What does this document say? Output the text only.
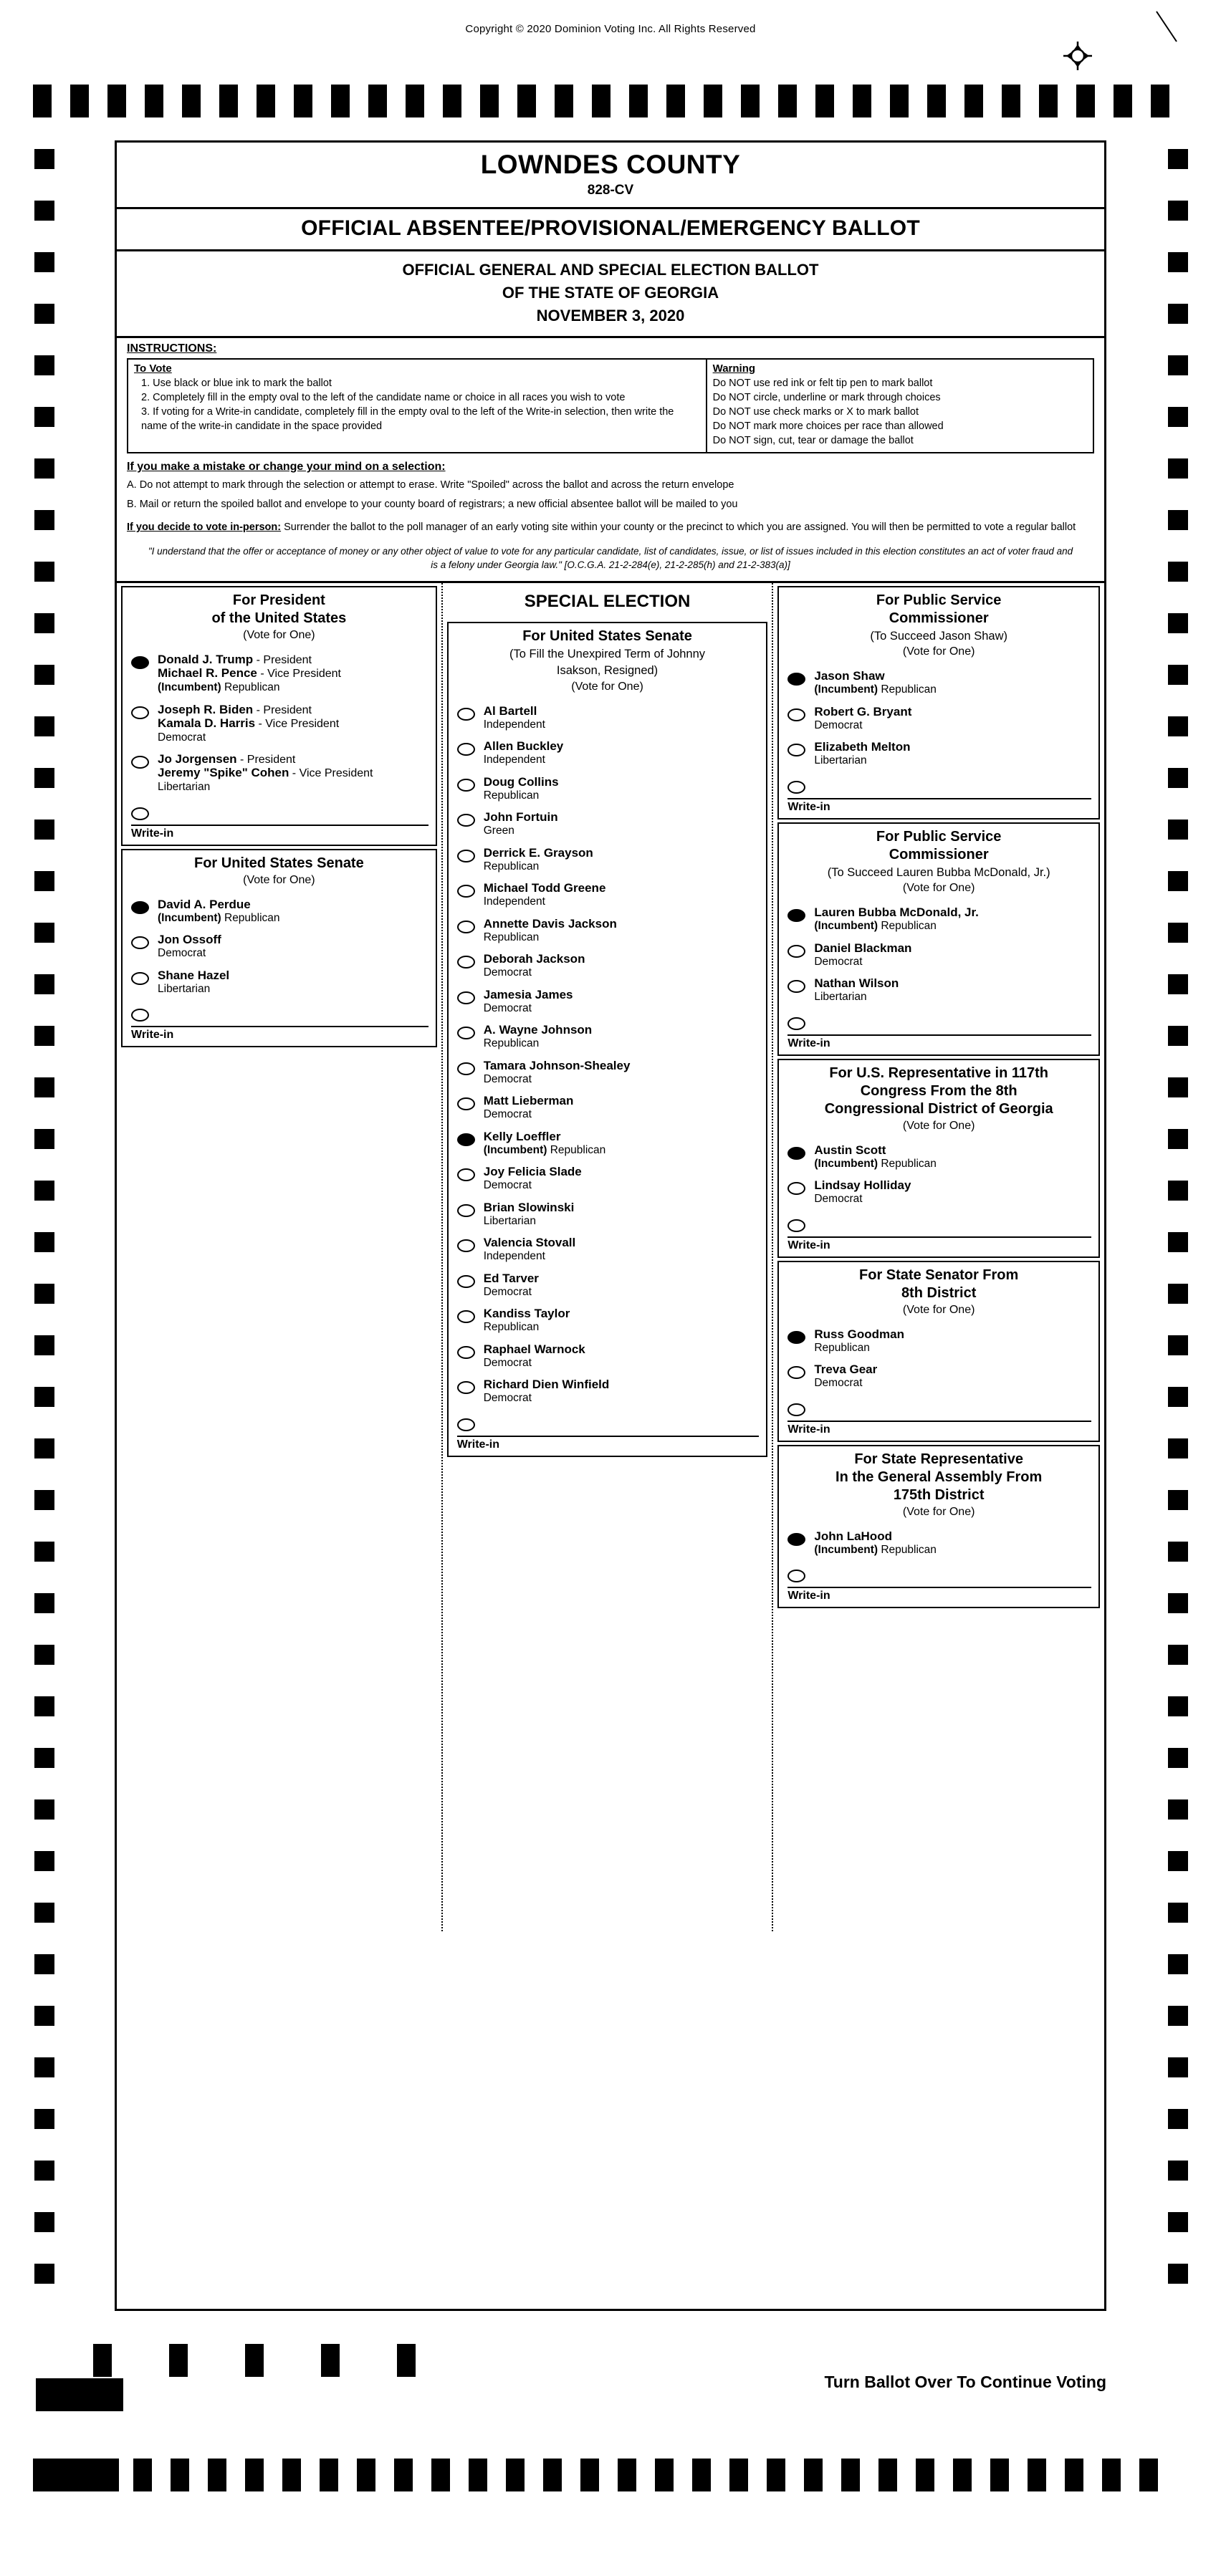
Copyright © 2020 Dominion Voting Inc. All Rights Reserved
LOWNDES COUNTY
828-CV
OFFICIAL ABSENTEE/PROVISIONAL/EMERGENCY BALLOT
OFFICIAL GENERAL AND SPECIAL ELECTION BALLOT
OF THE STATE OF GEORGIA
NOVEMBER 3, 2020
INSTRUCTIONS:
To Vote
1. Use black or blue ink to mark the ballot
2. Completely fill in the empty oval to the left of the candidate name or choice in all races you wish to vote
3. If voting for a Write-in candidate, completely fill in the empty oval to the left of the Write-in selection, then write the name of the write-in candidate in the space provided
Warning
Do NOT use red ink or felt tip pen to mark ballot
Do NOT circle, underline or mark through choices
Do NOT use check marks or X to mark ballot
Do NOT mark more choices per race than allowed
Do NOT sign, cut, tear or damage the ballot
If you make a mistake or change your mind on a selection:
A. Do not attempt to mark through the selection or attempt to erase. Write "Spoiled" across the ballot and across the return envelope
B. Mail or return the spoiled ballot and envelope to your county board of registrars; a new official absentee ballot will be mailed to you
If you decide to vote in-person: Surrender the ballot to the poll manager of an early voting site within your county or the precinct to which you are assigned. You will then be permitted to vote a regular ballot
"I understand that the offer or acceptance of money or any other object of value to vote for any particular candidate, list of candidates, issue, or list of issues included in this election constitutes an act of voter fraud and is a felony under Georgia law." [O.C.G.A. 21-2-284(e), 21-2-285(h) and 21-2-383(a)]
For President
of the United States
(Vote for One)
Donald J. Trump - President
Michael R. Pence - Vice President
(Incumbent) Republican
Joseph R. Biden - President
Kamala D. Harris - Vice President
Democrat
Jo Jorgensen - President
Jeremy "Spike" Cohen - Vice President
Libertarian
Write-in
For United States Senate
(Vote for One)
David A. Perdue
(Incumbent) Republican
Jon Ossoff
Democrat
Shane Hazel
Libertarian
Write-in
SPECIAL ELECTION
For United States Senate
(To Fill the Unexpired Term of Johnny
Isakson, Resigned)
(Vote for One)
Al Bartell
Independent
Allen Buckley
Independent
Doug Collins
Republican
John Fortuin
Green
Derrick E. Grayson
Republican
Michael Todd Greene
Independent
Annette Davis Jackson
Republican
Deborah Jackson
Democrat
Jamesia James
Democrat
A. Wayne Johnson
Republican
Tamara Johnson-Shealey
Democrat
Matt Lieberman
Democrat
Kelly Loeffler
(Incumbent) Republican
Joy Felicia Slade
Democrat
Brian Slowinski
Libertarian
Valencia Stovall
Independent
Ed Tarver
Democrat
Kandiss Taylor
Republican
Raphael Warnock
Democrat
Richard Dien Winfield
Democrat
Write-in
For Public Service
Commissioner
(To Succeed Jason Shaw)
(Vote for One)
Jason Shaw
(Incumbent) Republican
Robert G. Bryant
Democrat
Elizabeth Melton
Libertarian
Write-in
For Public Service
Commissioner
(To Succeed Lauren Bubba McDonald, Jr.)
(Vote for One)
Lauren Bubba McDonald, Jr.
(Incumbent) Republican
Daniel Blackman
Democrat
Nathan Wilson
Libertarian
Write-in
For U.S. Representative in 117th
Congress From the 8th
Congressional District of Georgia
(Vote for One)
Austin Scott
(Incumbent) Republican
Lindsay Holliday
Democrat
Write-in
For State Senator From
8th District
(Vote for One)
Russ Goodman
Republican
Treva Gear
Democrat
Write-in
For State Representative
In the General Assembly From
175th District
(Vote for One)
John LaHood
(Incumbent) Republican
Write-in
Turn Ballot Over To Continue Voting
